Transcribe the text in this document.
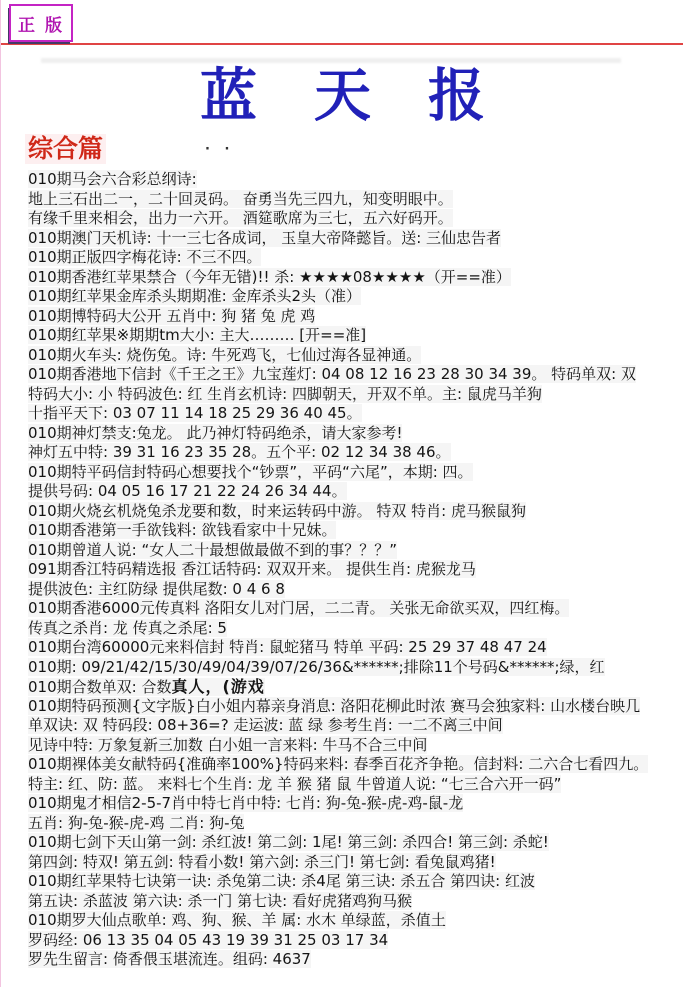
正 版
蓝　天　报
综合篇	· ·
010期马会六合彩总纲诗:
地上三石出二一，二十回灵码。 奋勇当先三四九，知变明眼中。
有缘千里来相会，出力一六开。 酒筵歌席为三七，五六好码开。
010期澳门天机诗: 十一三七各成词， 玉皇大帝降懿旨。送: 三仙忠告者
010期正版四字梅花诗: 不三不四。
010期香港红苹果禁合（今年无错)!! 杀: ★★★★08★★★★（开==准）
010期红苹果金库杀头期期准: 金库杀头2头（准）
010期博特码大公开 五肖中: 狗 猪 兔 虎 鸡
010期红苹果※期期tm大小: 主大……… [开==准]
010期火车头: 烧伤兔。诗: 牛死鸡飞，七仙过海各显神通。
010期香港地下信封《千王之王》九宝莲灯: 04 08 12 16 23 28 30 34 39。 特码单双: 双
特码大小: 小 特码波色: 红 生肖玄机诗: 四脚朝天，开双不单。主: 鼠虎马羊狗
十指平天下: 03 07 11 14 18 25 29 36 40 45。
010期神灯禁支:兔龙。 此乃神灯特码绝杀，请大家参考!
神灯五中特: 39 31 16 23 35 28。五个平: 02 12 34 38 46。
010期特平码信封特码心想要找个“钞票”，平码“六尾”，本期: 四。
提供号码: 04 05 16 17 21 22 24 26 34 44。
010期火烧玄机烧兔杀龙要和数，时来运转码中游。 特双 特肖: 虎马猴鼠狗
010期香港第一手欲钱料: 欲钱看家中十兄妹。
010期曾道人说: “女人二十最想做最做不到的事？？？”
091期香江特码精选报 香江话特码: 双双开来。 提供生肖: 虎猴龙马
提供波色: 主红防绿 提供尾数: 0 4 6 8
010期香港6000元传真料 洛阳女儿对门居，二二青。 关张无命欲买双，四红梅。
传真之杀肖: 龙 传真之杀尾: 5
010期台湾60000元来料信封 特肖: 鼠蛇猪马 特单 平码: 25 29 37 48 47 24
010期: 09/21/42/15/30/49/04/39/07/26/36&******;排除11个号码&******;绿，红
010期合数单双: 合数真人，(游戏
010期特码预测{文字版}白小姐内幕亲身消息: 洛阳花柳此时浓 赛马会独家料: 山水楼台映几
单双诀: 双 特码段: 08+36=? 走运波: 蓝 绿 参考生肖: 一二不离三中间
见诗中特: 万象复新三加数 白小姐一言来料: 牛马不合三中间
010期裸体美女献特码{准确率100%}特码来料: 春季百花齐争艳。信封料: 二六合七看四九。
特主: 红、防: 蓝。 来料七个生肖: 龙 羊 猴 猪 鼠 牛曾道人说: “七三合六开一码”
010期鬼才相信2-5-7肖中特七肖中特: 七肖: 狗-兔-猴-虎-鸡-鼠-龙
五肖: 狗-兔-猴-虎-鸡 二肖: 狗-兔
010期七剑下天山第一剑: 杀红波! 第二剑: 1尾! 第三剑: 杀四合! 第三剑: 杀蛇!
第四剑: 特双! 第五剑: 特看小数! 第六剑: 杀三门! 第七剑: 看兔鼠鸡猪!
010期红苹果特七诀第一诀: 杀兔第二诀: 杀4尾 第三诀: 杀五合 第四诀: 红波
第五诀: 杀蓝波 第六诀: 杀一门 第七诀: 看好虎猪鸡狗马猴
010期罗大仙点歌单: 鸡、狗、猴、羊 属: 水木 单绿蓝，杀值土
罗码经: 06 13 35 04 05 43 19 39 31 25 03 17 34
罗先生留言: 倚香偎玉堪流连。组码: 4637
